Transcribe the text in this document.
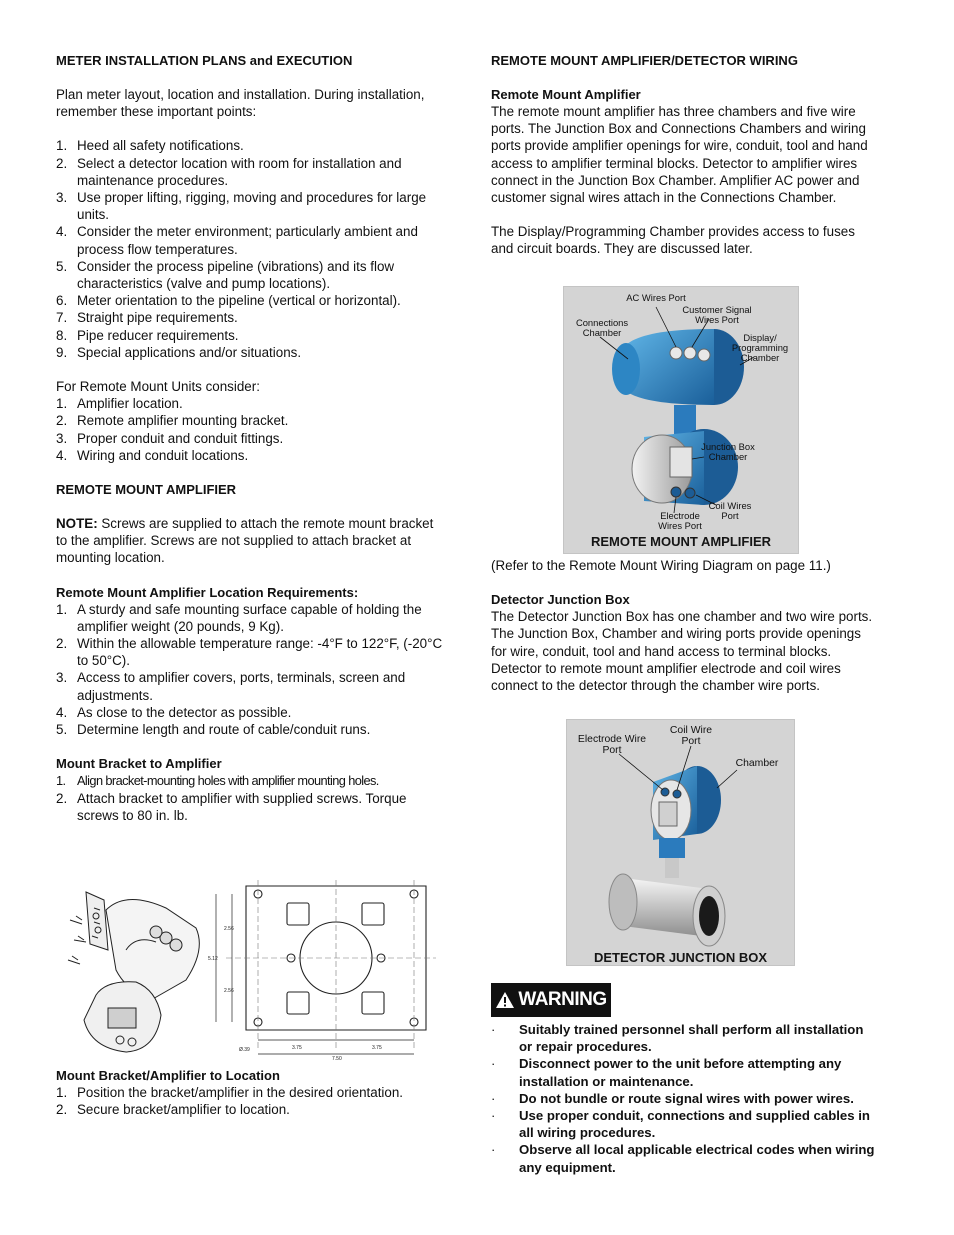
METER INSTALLATION PLANS and EXECUTION

Plan meter layout, location and installation. During installation, remember these important points:

1. Heed all safety notifications.
2. Select a detector location with room for installation and maintenance procedures.
3. Use proper lifting, rigging, moving and procedures for large units.
4. Consider the meter environment; particularly ambient and process flow temperatures.
5. Consider the process pipeline (vibrations) and its flow characteristics (valve and pump locations).
6. Meter orientation to the pipeline (vertical or horizontal).
7. Straight pipe requirements.
8. Pipe reducer requirements.
9. Special applications and/or situations.

For Remote Mount Units consider:

1. Amplifier location.
2. Remote amplifier mounting bracket.
3. Proper conduit and conduit fittings.
4. Wiring and conduit locations.
REMOTE MOUNT AMPLIFIER

NOTE: Screws are supplied to attach the remote mount bracket to the amplifier. Screws are not supplied to attach bracket at mounting location.

Remote Mount Amplifier Location Requirements:
1. A sturdy and safe mounting surface capable of holding the amplifier weight (20 pounds, 9 Kg).
2. Within the allowable temperature range: -4°F to 122°F, (-20°C to 50°C).
3. Access to amplifier covers, ports, terminals, screen and adjustments.
4. As close to the detector as possible.
5. Determine length and route of cable/conduit runs.
Mount Bracket to Amplifier
1. Align bracket-mounting holes with amplifier mounting holes.
2. Attach bracket to amplifier with supplied screws. Torque screws to 80 in. lb.
2.56
5.12
2.56
3.75	3.75
7.50
Ø.39
Mount Bracket/Amplifier to Location
1. Position the bracket/amplifier in the desired orientation.
2. Secure bracket/amplifier to location.
REMOTE MOUNT AMPLIFIER/DETECTOR WIRING
Remote Mount Amplifier

The remote mount amplifier has three chambers and five wire ports. The Junction Box and Connections Chambers and wiring ports provide amplifier openings for wire, conduit, tool and hand access to amplifier terminal blocks. Detector to amplifier wires connect in the Junction Box Chamber. Amplifier AC power and customer signal wires attach in the Connections Chamber.

The Display/Programming Chamber provides access to fuses and circuit boards. They are discussed later.

AC Wires Port
Customer Signal Wires Port
Connections Chamber	Display/ Programming Chamber
Junction Box Chamber
Coil Wires Port
Electrode Wires Port
REMOTE MOUNT AMPLIFIER

(Refer to the Remote Mount Wiring Diagram on page 11.)

Detector Junction Box

The Detector Junction Box has one chamber and two wire ports. The Junction Box, Chamber and wiring ports provide openings for wire, conduit, tool and hand access to terminal blocks. Detector to remote mount amplifier electrode and coil wires connect to the detector through the chamber wire ports.

Electrode Wire Port
Coil Wire Port
Chamber
DETECTOR JUNCTION BOX
WARNING
· Suitably trained personnel shall perform all installation or repair procedures.
· Disconnect power to the unit before attempting any installation or maintenance.
· Do not bundle or route signal wires with power wires.
· Use proper conduit, connections and supplied cables in all wiring procedures.
· Observe all local applicable electrical codes when wiring any equipment.
